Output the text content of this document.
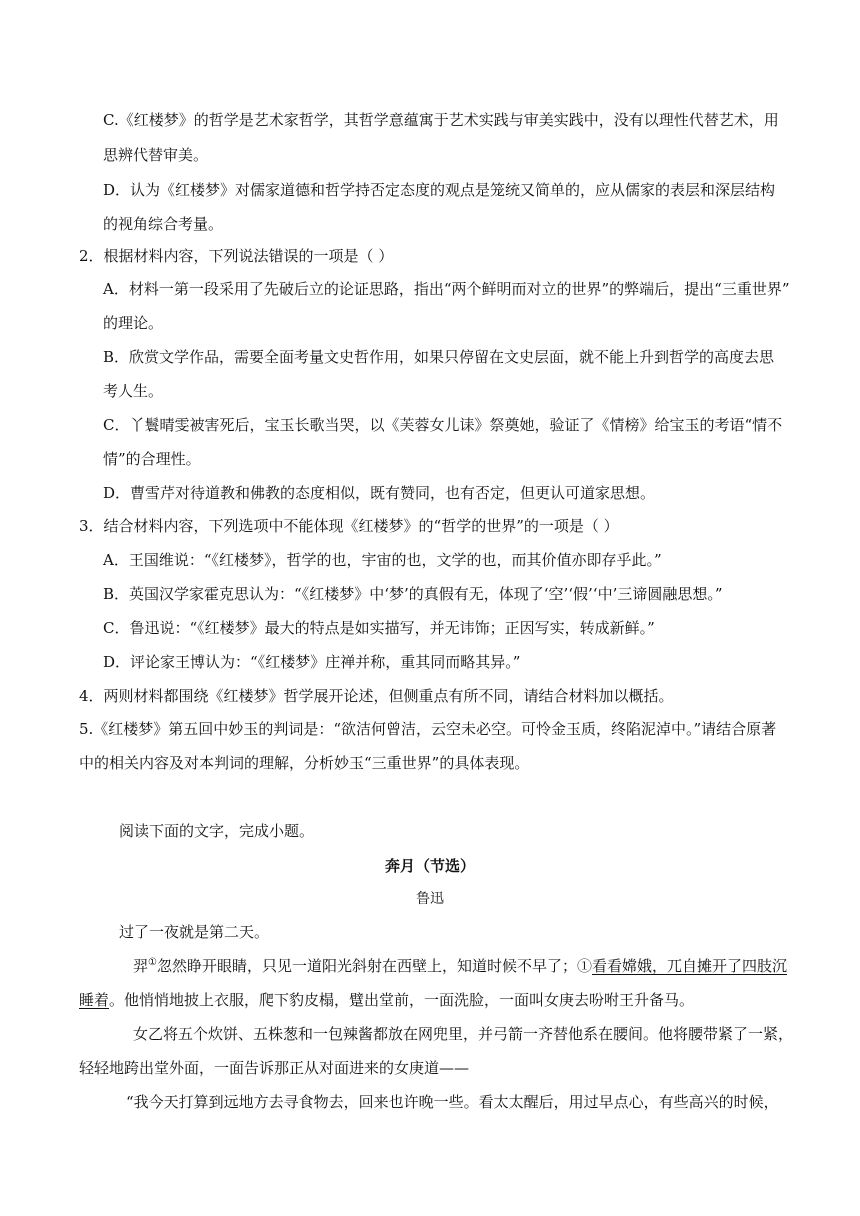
C.《红楼梦》的哲学是艺术家哲学，其哲学意蕴寓于艺术实践与审美实践中，没有以理性代替艺术，用
思辨代替审美。
D．认为《红楼梦》对儒家道德和哲学持否定态度的观点是笼统又简单的，应从儒家的表层和深层结构
的视角综合考量。
2．根据材料内容，下列说法错误的一项是（ ）
A．材料一第一段采用了先破后立的论证思路，指出“两个鲜明而对立的世界”的弊端后，提出“三重世界”
的理论。
B．欣赏文学作品，需要全面考量文史哲作用，如果只停留在文史层面，就不能上升到哲学的高度去思
考人生。
C．丫鬟晴雯被害死后，宝玉长歌当哭，以《芙蓉女儿诔》祭奠她，验证了《情榜》给宝玉的考语“情不
情”的合理性。
D．曹雪芹对待道教和佛教的态度相似，既有赞同，也有否定，但更认可道家思想。
3．结合材料内容，下列选项中不能体现《红楼梦》的“哲学的世界”的一项是（ ）
A．王国维说：“《红楼梦》，哲学的也，宇宙的也，文学的也，而其价值亦即存乎此。”
B．英国汉学家霍克思认为：“《红楼梦》中‘梦’的真假有无，体现了‘空’‘假’‘中’三谛圆融思想。”
C．鲁迅说：“《红楼梦》最大的特点是如实描写，并无讳饰；正因写实，转成新鲜。”
D．评论家王博认为：“《红楼梦》庄禅并称，重其同而略其异。”
4．两则材料都围绕《红楼梦》哲学展开论述，但侧重点有所不同，请结合材料加以概括。
5.《红楼梦》第五回中妙玉的判词是：“欲洁何曾洁，云空未必空。可怜金玉质，终陷泥淖中。”请结合原著
中的相关内容及对本判词的理解，分析妙玉“三重世界”的具体表现。
阅读下面的文字，完成小题。
奔月（节选）
鲁迅
过了一夜就是第二天。
羿①忽然睁开眼睛，只见一道阳光斜射在西壁上，知道时候不早了；①看看嫦娥，兀自摊开了四肢沉
睡着。他悄悄地披上衣服，爬下豹皮榻，躄出堂前，一面洗脸，一面叫女庚去吩咐王升备马。
女乙将五个炊饼、五株葱和一包辣酱都放在网兜里，并弓箭一齐替他系在腰间。他将腰带紧了一紧，
轻轻地跨出堂外面，一面告诉那正从对面进来的女庚道——
“我今天打算到远地方去寻食物去，回来也许晚一些。看太太醒后，用过早点心，有些高兴的时候，
